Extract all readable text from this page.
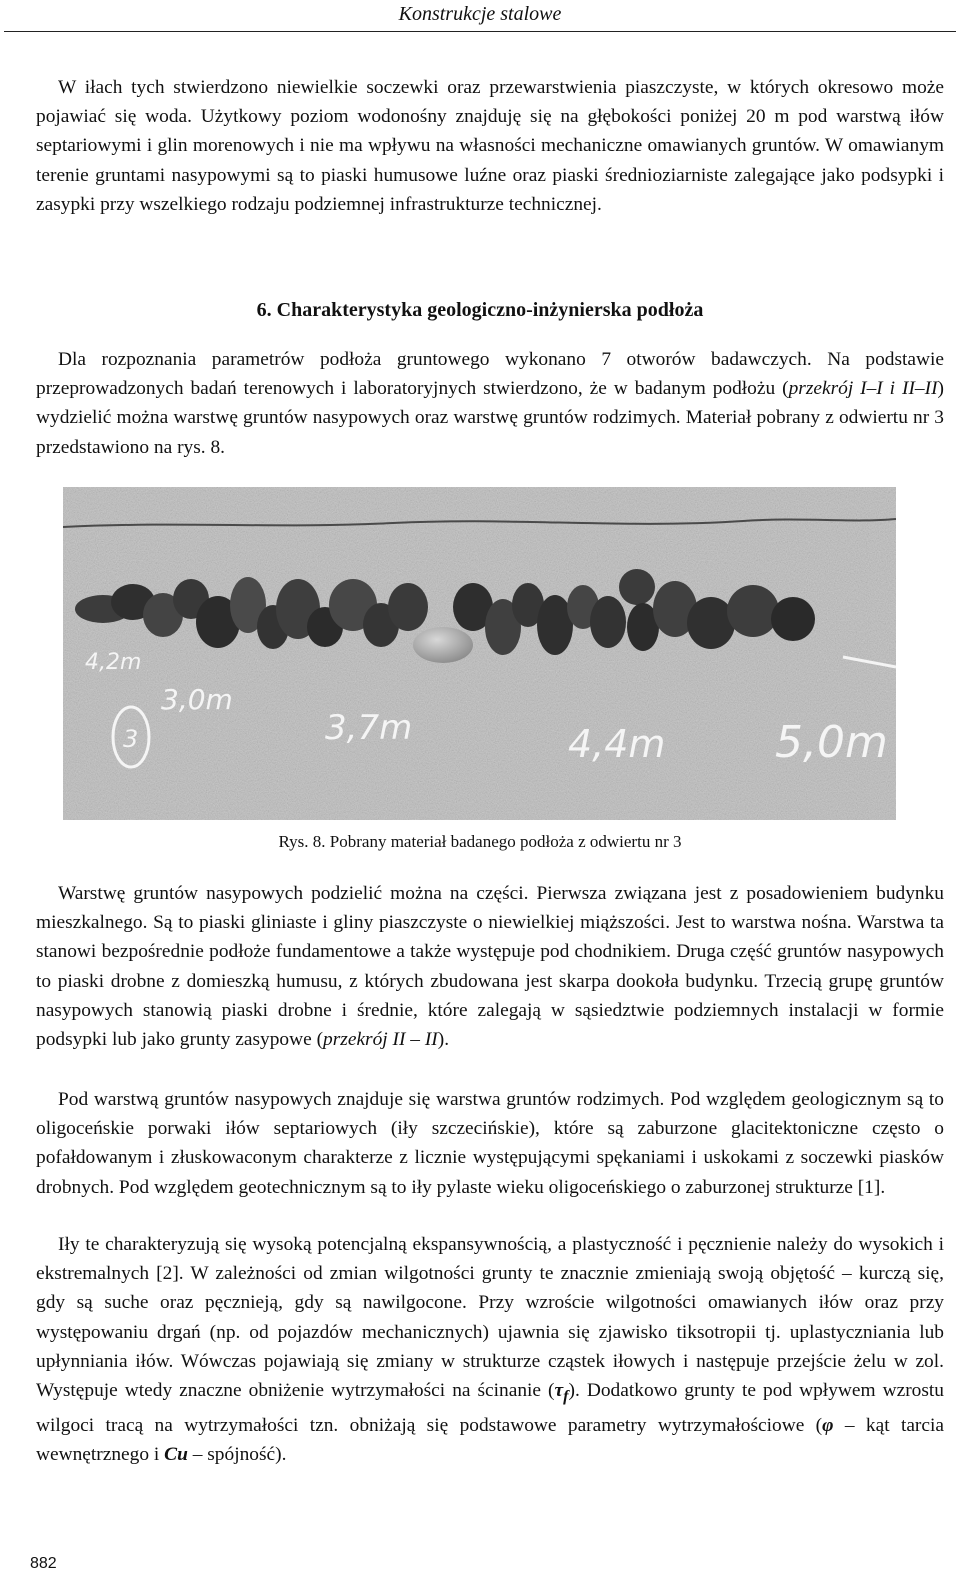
Konstrukcje stalowe

W iłach tych stwierdzono niewielkie soczewki oraz przewarstwienia piaszczyste, w których okresowo może pojawiać się woda. Użytkowy poziom wodonośny znajduję się na głębokości poniżej 20 m pod warstwą iłów septariowymi i glin morenowych i nie ma wpływu na własności mechaniczne omawianych gruntów. W omawianym terenie gruntami nasypowymi są to piaski humusowe luźne oraz piaski średnioziarniste zalegające jako podsypki i zasypki przy wszelkiego rodzaju podziemnej infrastrukturze technicznej.

6. Charakterystyka geologiczno-inżynierska podłoża

Dla rozpoznania parametrów podłoża gruntowego wykonano 7 otworów badawczych. Na podstawie przeprowadzonych badań terenowych i laboratoryjnych stwierdzono, że w badanym podłożu (przekrój I–I i II–II) wydzielić można warstwę gruntów nasypowych oraz warstwę gruntów rodzimych. Materiał pobrany z odwiertu nr 3 przedstawiono na rys. 8.

4,2m
3,0m
3,7m	4,4m 5,0m
3
Rys. 8. Pobrany materiał badanego podłoża z odwiertu nr 3

Warstwę gruntów nasypowych podzielić można na części. Pierwsza związana jest z posadowieniem budynku mieszkalnego. Są to piaski gliniaste i gliny piaszczyste o niewielkiej miąższości. Jest to warstwa nośna. Warstwa ta stanowi bezpośrednie podłoże fundamentowe a także występuje pod chodnikiem. Druga część gruntów nasypowych to piaski drobne z domieszką humusu, z których zbudowana jest skarpa dookoła budynku. Trzecią grupę gruntów nasypowych stanowią piaski drobne i średnie, które zalegają w sąsiedztwie podziemnych instalacji w formie podsypki lub jako grunty zasypowe (przekrój II – II).

Pod warstwą gruntów nasypowych znajduje się warstwa gruntów rodzimych. Pod względem geologicznym są to oligoceńskie porwaki iłów septariowych (iły szczecińskie), które są zaburzone glacitektoniczne często o pofałdowanym i złuskowaconym charakterze z licznie występującymi spękaniami i uskokami z soczewki piasków drobnych. Pod względem geotechnicznym są to iły pylaste wieku oligoceńskiego o zaburzonej strukturze [1].

Iły te charakteryzują się wysoką potencjalną ekspansywnością, a plastyczność i pęcznienie należy do wysokich i ekstremalnych [2]. W zależności od zmian wilgotności grunty te znacznie zmieniają swoją objętość – kurczą się, gdy są suche oraz pęcznieją, gdy są nawilgocone. Przy wzroście wilgotności omawianych iłów oraz przy występowaniu drgań (np. od pojazdów mechanicznych) ujawnia się zjawisko tiksotropii tj. uplastyczniania lub upłynniania iłów. Wówczas pojawiają się zmiany w strukturze cząstek iłowych i następuje przejście żelu w zol. Występuje wtedy znaczne obniżenie wytrzymałości na ścinanie $(\tau_f)$. Dodatkowo grunty te pod wpływem wzrostu wilgoci tracą na wytrzymałości tzn. obniżają się podstawowe parametry wytrzymałościowe (φ – kąt tarcia wewnętrznego i Cu – spójność).

882
